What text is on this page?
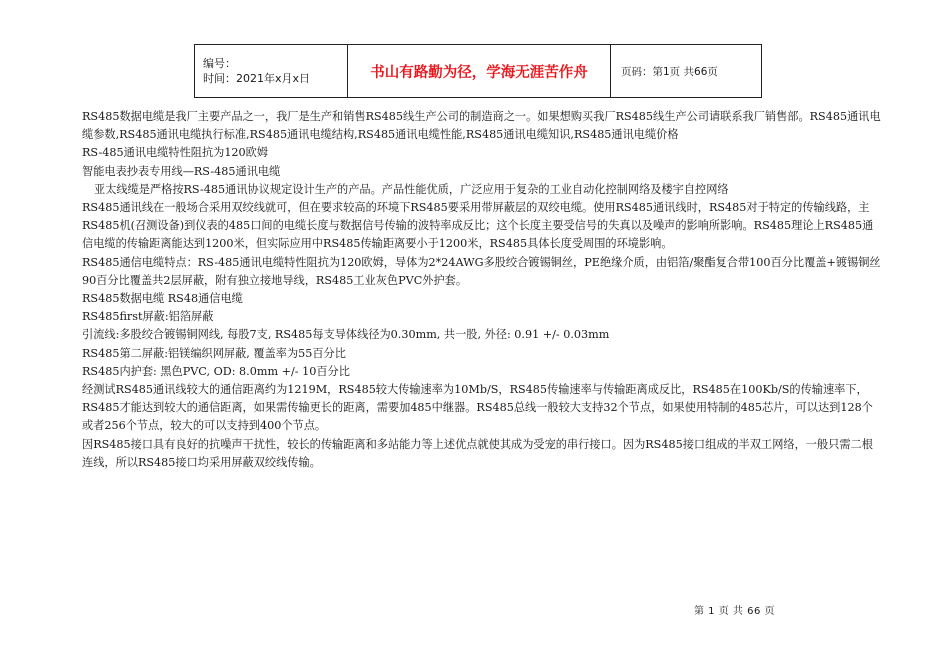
编号：
时间：2021年x月x日	书山有路勤为径，学海无涯苦作舟	页码：第1页 共66页

RS485数据电缆是我厂主要产品之一，我厂是生产和销售RS485线生产公司的制造商之一。如果想购买我厂RS485线生产公司请联系我厂销售部。RS485通讯电缆参数,RS485通讯电缆执行标准,RS485通讯电缆结构,RS485通讯电缆性能,RS485通讯电缆知识,RS485通讯电缆价格

RS-485通讯电缆特性阻抗为120欧姆

智能电表抄表专用线—RS-485通讯电缆

亚太线缆是严格按RS-485通讯协议规定设计生产的产品。产品性能优质，广泛应用于复杂的工业自动化控制网络及楼宇自控网络

RS485通讯线在一般场合采用双绞线就可，但在要求较高的环境下RS485要采用带屏蔽层的双绞电缆。使用RS485通讯线时，RS485对于特定的传输线路，主RS485机(召测设备)到仪表的485口间的电缆长度与数据信号传输的波特率成反比；这个长度主要受信号的失真以及噪声的影响所影响。RS485理论上RS485通信电缆的传输距离能达到1200米，但实际应用中RS485传输距离要小于1200米，RS485具体长度受周围的环境影响。

RS485通信电缆特点：RS-485通讯电缆特性阻抗为120欧姆，导体为2*24AWG多股绞合镀锡铜丝，PE绝缘介质，由铝箔/聚酯复合带100百分比覆盖+镀锡铜丝90百分比覆盖共2层屏蔽，附有独立接地导线，RS485工业灰色PVC外护套。

RS485数据电缆 RS48通信电缆

RS485first屏蔽:铝箔屏蔽

引流线:多股绞合镀锡铜网线, 每股7支, RS485每支导体线径为0.30mm, 共一股, 外径: 0.91 +/- 0.03mm

RS485第二屏蔽:铝镁编织网屏蔽, 覆盖率为55百分比

RS485内护套: 黑色PVC, OD: 8.0mm +/- 10百分比

经测试RS485通讯线较大的通信距离约为1219M，RS485较大传输速率为10Mb/S，RS485传输速率与传输距离成反比，RS485在100Kb/S的传输速率下，RS485才能达到较大的通信距离，如果需传输更长的距离，需要加485中继器。RS485总线一般较大支持32个节点，如果使用特制的485芯片，可以达到128个或者256个节点，较大的可以支持到400个节点。

因RS485接口具有良好的抗噪声干扰性，较长的传输距离和多站能力等上述优点就使其成为受宠的串行接口。因为RS485接口组成的半双工网络，一般只需二根连线，所以RS485接口均采用屏蔽双绞线传输。

第 1 页 共 66 页
